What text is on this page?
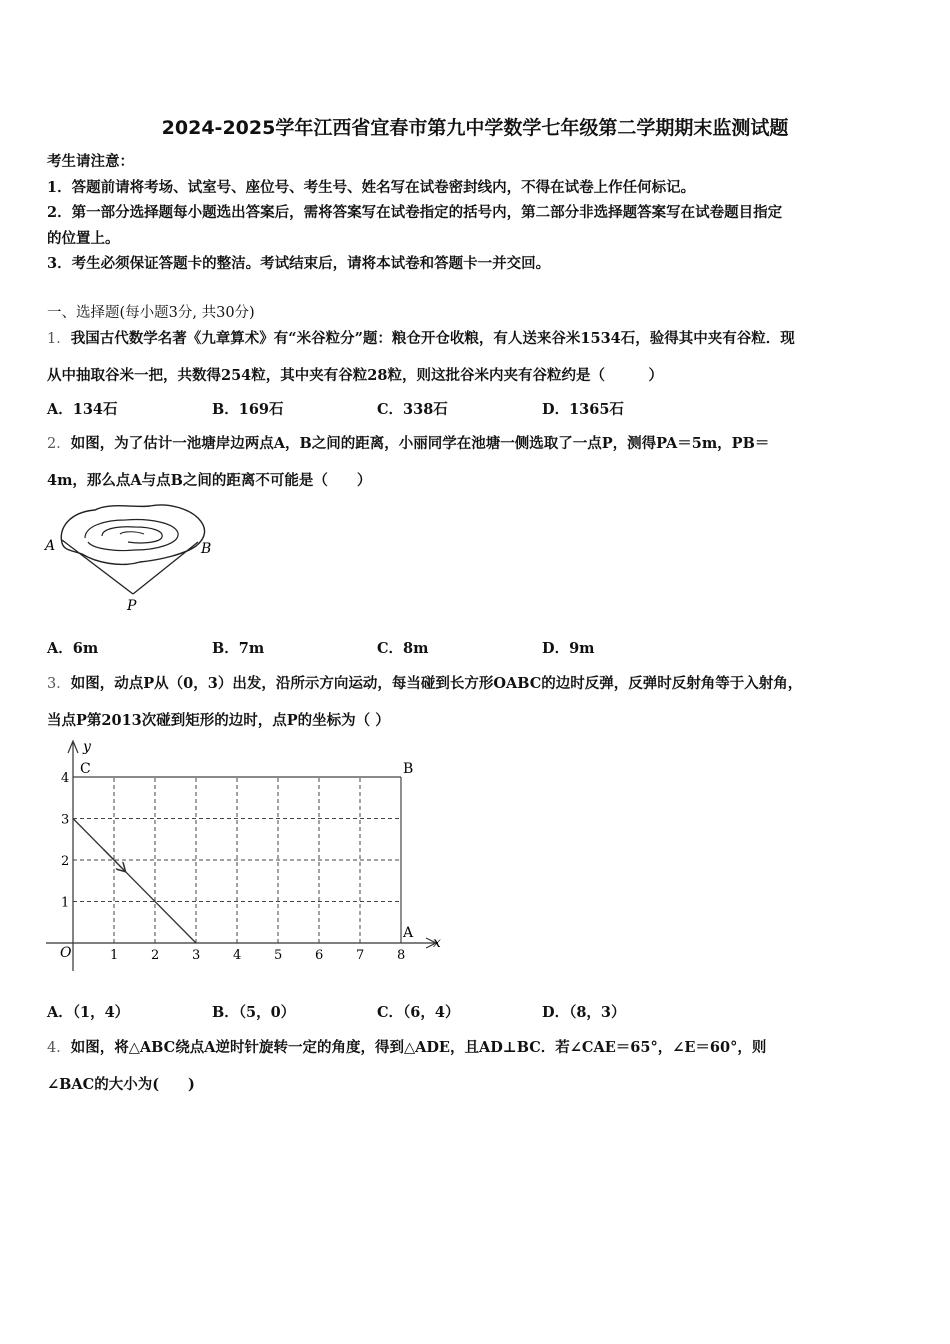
2024-2025学年江西省宜春市第九中学数学七年级第二学期期末监测试题
考生请注意：
1．答题前请将考场、试室号、座位号、考生号、姓名写在试卷密封线内，不得在试卷上作任何标记。
2．第一部分选择题每小题选出答案后，需将答案写在试卷指定的括号内，第二部分非选择题答案写在试卷题目指定
的位置上。
3．考生必须保证答题卡的整洁。考试结束后，请将本试卷和答题卡一并交回。
一、选择题(每小题3分, 共30分)
1．我国古代数学名著《九章算术》有“米谷粒分”题：粮仓开仓收粮，有人送来谷米1534石，验得其中夹有谷粒．现
从中抽取谷米一把，共数得254粒，其中夹有谷粒28粒，则这批谷米内夹有谷粒约是（　　　）
A．134石	B．169石	C．338石	D．1365石
2．如图，为了估计一池塘岸边两点A，B之间的距离，小丽同学在池塘一侧选取了一点P，测得PA＝5m，PB＝
4m，那么点A与点B之间的距离不可能是（　　）
A	B
P
A．6m	B．7m	C．8m	D．9m
3．如图，动点P从（0，3）出发，沿所示方向运动，每当碰到长方形OABC的边时反弹，反弹时反射角等于入射角，
当点P第2013次碰到矩形的边时，点P的坐标为（ ）
y
x
O
C	B
A
1	2	3	4	5	6	7	8
1
2
3
4
A．（1，4）	B．（5，0）	C．（6，4）	D．（8，3）
4．如图，将△ABC绕点A逆时针旋转一定的角度，得到△ADE，且AD⊥BC．若∠CAE＝65°，∠E＝60°，则
∠BAC的大小为(　　)
